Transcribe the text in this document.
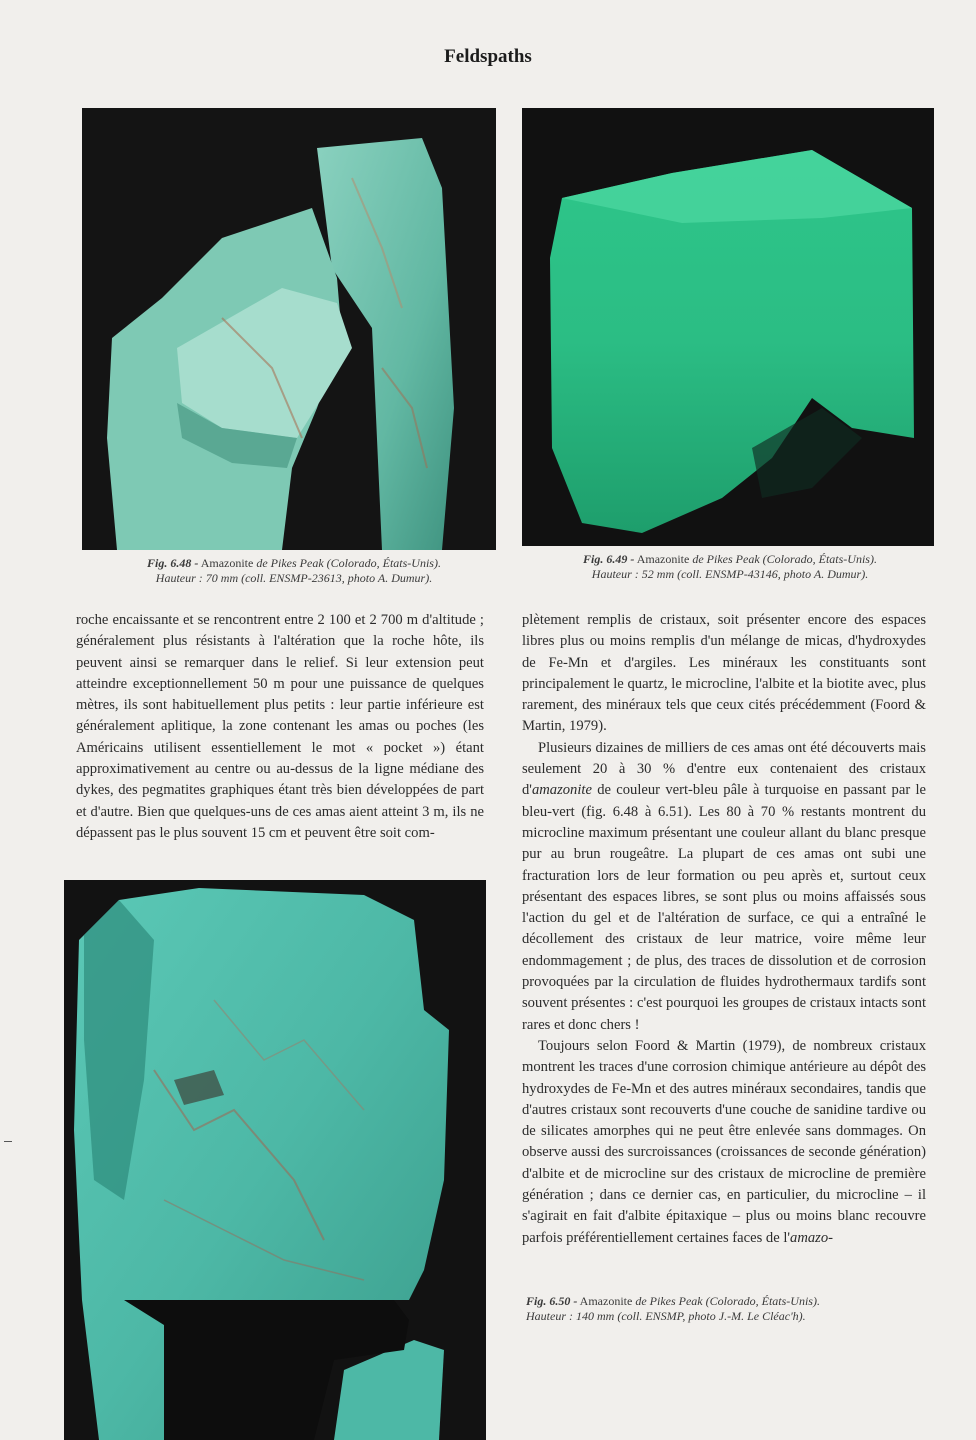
Feldspaths
Fig. 6.48 - Amazonite de Pikes Peak (Colorado, États-Unis).
Hauteur : 70 mm (coll. ENSMP-23613, photo A. Dumur).
Fig. 6.49 - Amazonite de Pikes Peak (Colorado, États-Unis).
Hauteur : 52 mm (coll. ENSMP-43146, photo A. Dumur).

roche encaissante et se rencontrent entre 2 100 et 2 700 m d'altitude ; généralement plus résistants à l'altération que la roche hôte, ils peuvent ainsi se remarquer dans le relief. Si leur extension peut atteindre exceptionnellement 50 m pour une puissance de quelques mètres, ils sont habituellement plus petits : leur partie inférieure est généralement aplitique, la zone contenant les amas ou poches (les Américains utilisent essentiellement le mot « pocket ») étant approximativement au centre ou au-dessus de la ligne médiane des dykes, des pegmatites graphiques étant très bien développées de part et d'autre. Bien que quelques-uns de ces amas aient atteint 3 m, ils ne dépassent pas le plus souvent 15 cm et peuvent être soit com-

plètement remplis de cristaux, soit présenter encore des espaces libres plus ou moins remplis d'un mélange de micas, d'hydroxydes de Fe-Mn et d'argiles. Les minéraux les constituants sont principalement le quartz, le microcline, l'albite et la biotite avec, plus rarement, des minéraux tels que ceux cités précédemment (Foord & Martin, 1979).

Plusieurs dizaines de milliers de ces amas ont été découverts mais seulement 20 à 30 % d'entre eux contenaient des cristaux d'amazonite de couleur vert-bleu pâle à turquoise en passant par le bleu-vert (fig. 6.48 à 6.51). Les 80 à 70 % restants montrent du microcline maximum présentant une couleur allant du blanc presque pur au brun rougeâtre. La plupart de ces amas ont subi une fracturation lors de leur formation ou peu après et, surtout ceux présentant des espaces libres, se sont plus ou moins affaissés sous l'action du gel et de l'altération de surface, ce qui a entraîné le décollement des cristaux de leur matrice, voire même leur endommagement ; de plus, des traces de dissolution et de corrosion provoquées par la circulation de fluides hydrothermaux tardifs sont souvent présentes : c'est pourquoi les groupes de cristaux intacts sont rares et donc chers !

Toujours selon Foord & Martin (1979), de nombreux cristaux montrent les traces d'une corrosion chimique antérieure au dépôt des hydroxydes de Fe-Mn et des autres minéraux secondaires, tandis que d'autres cristaux sont recouverts d'une couche de sanidine tardive ou de silicates amorphes qui ne peut être enlevée sans dommages. On observe aussi des surcroissances (croissances de seconde génération) d'albite et de microcline sur des cristaux de microcline de première génération ; dans ce dernier cas, en particulier, du microcline – il s'agirait en fait d'albite épitaxique – plus ou moins blanc recouvre parfois préférentiellement certaines faces de l'amazo-

Fig. 6.50 - Amazonite de Pikes Peak (Colorado, États-Unis).
Hauteur : 140 mm (coll. ENSMP, photo J.-M. Le Cléac'h).
